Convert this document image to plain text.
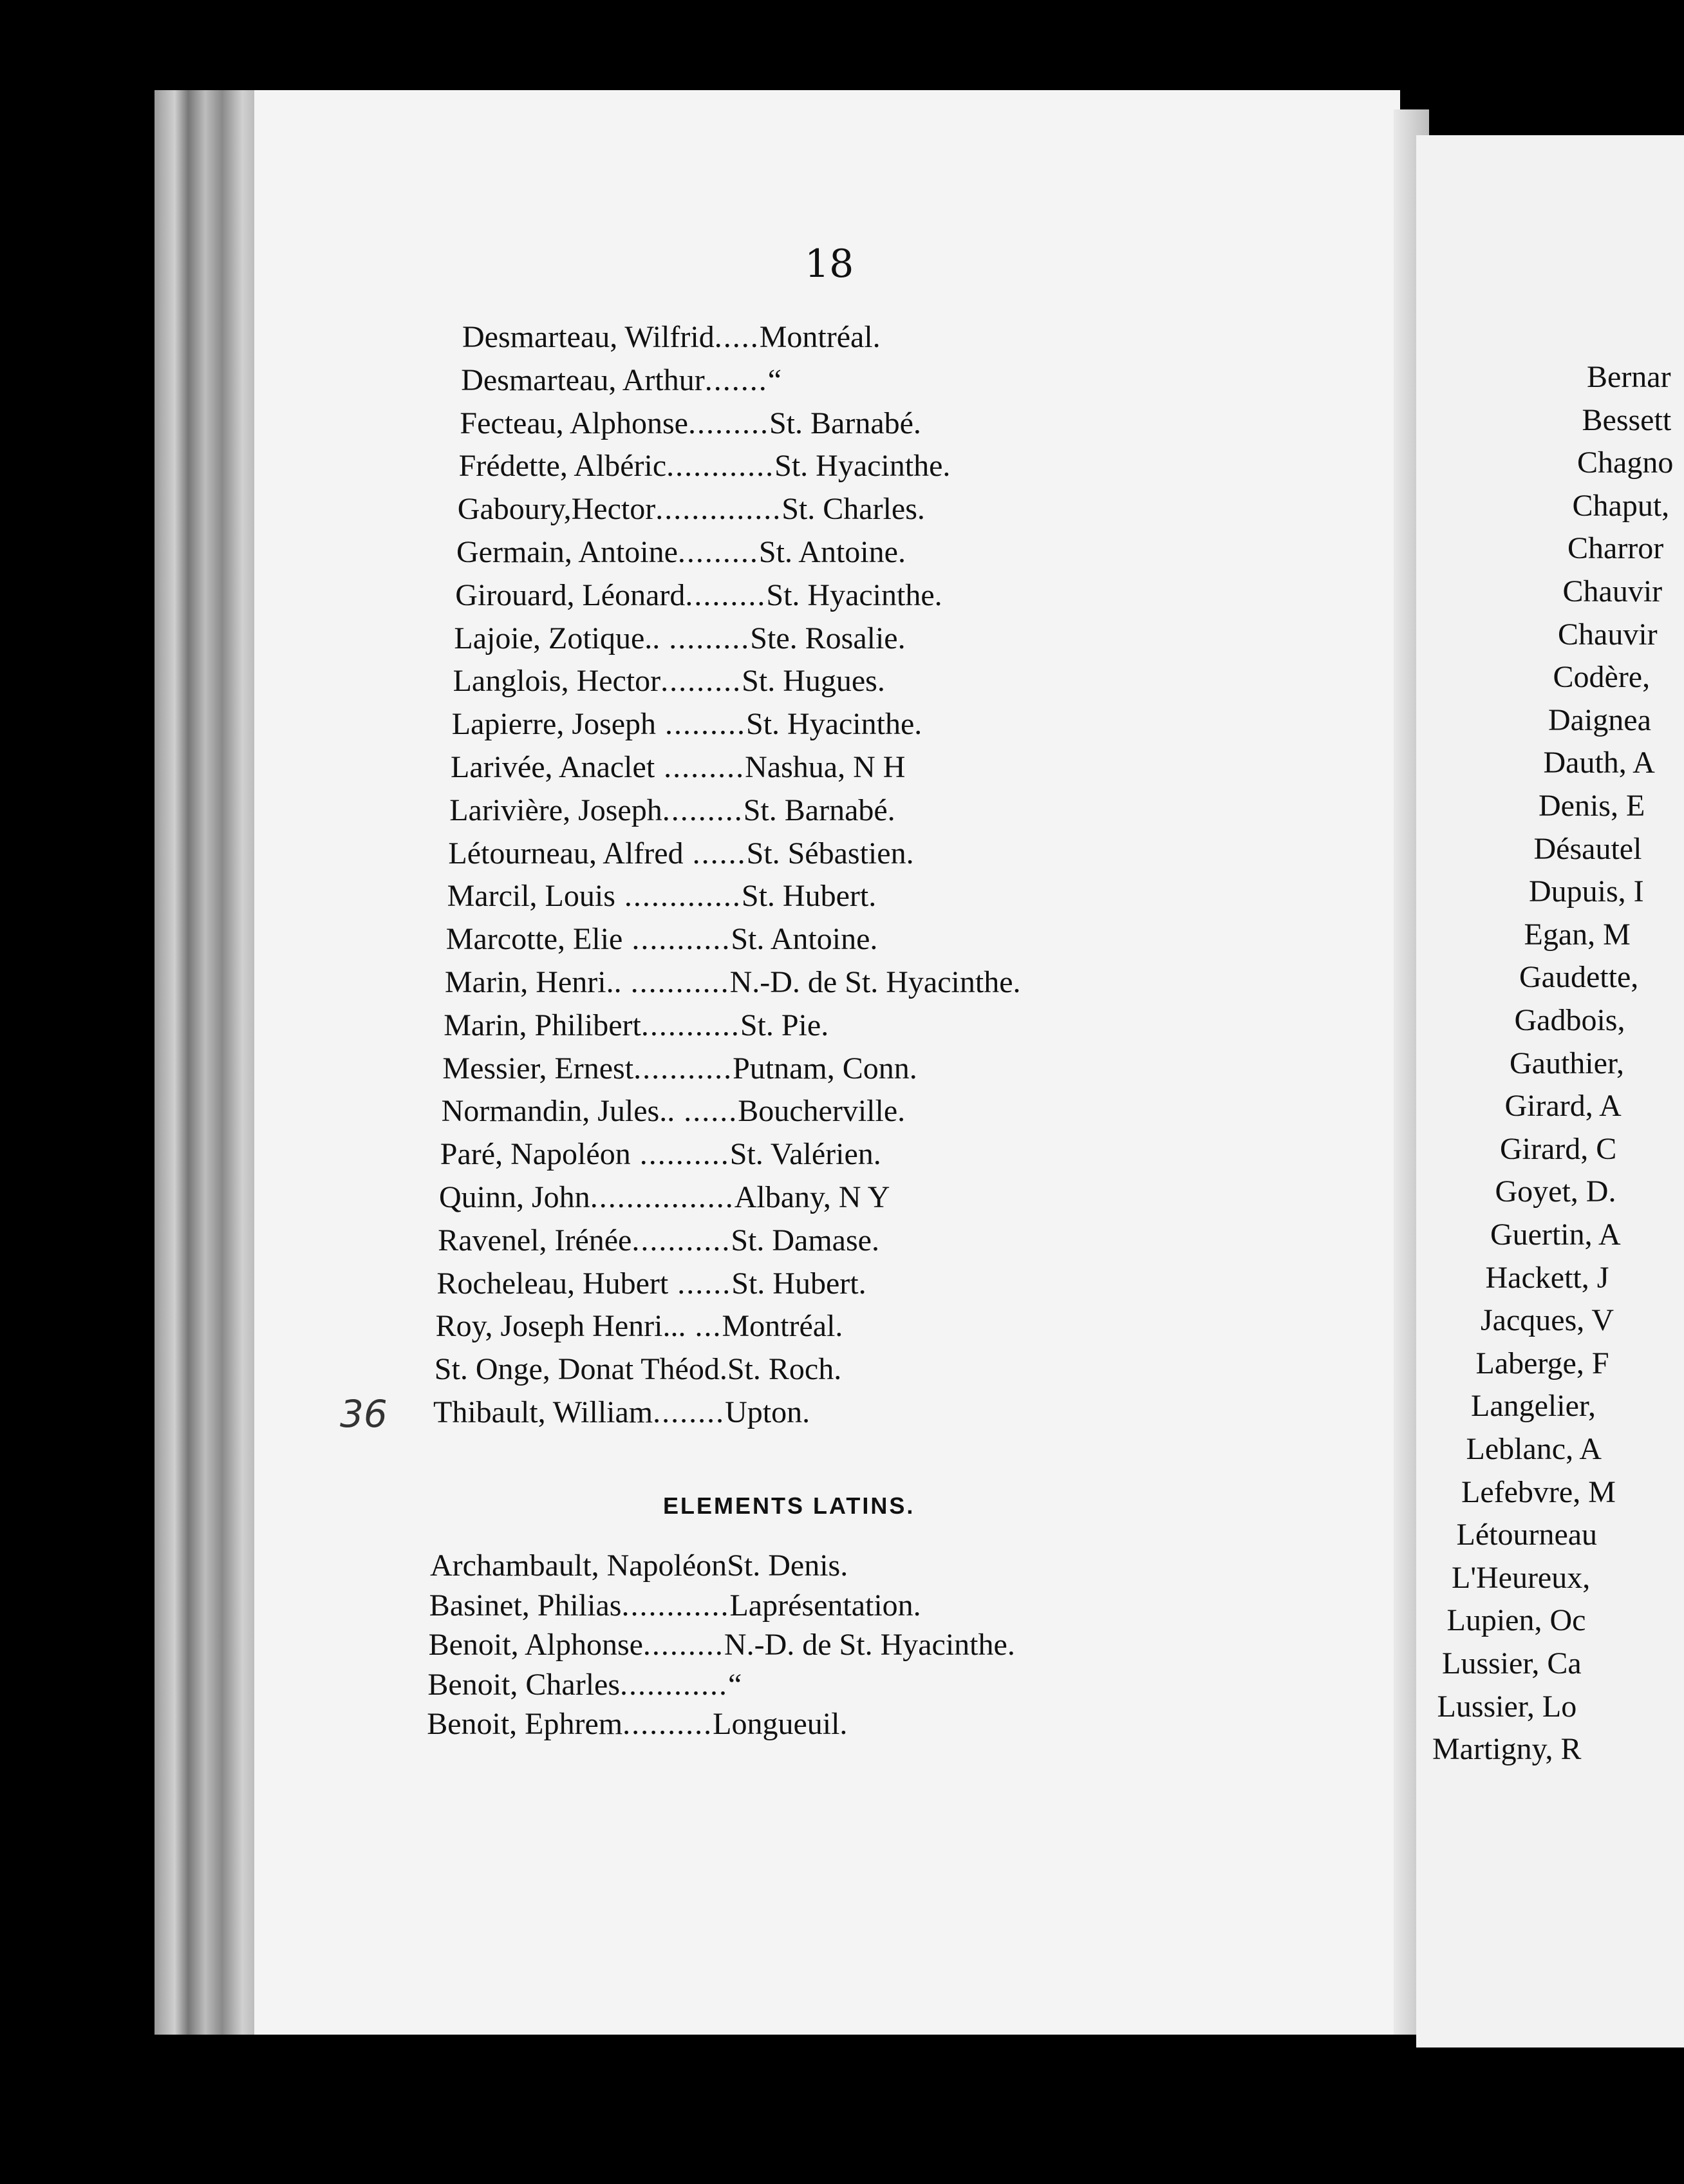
18
36
Desmarteau, Wilfrid.....Montréal.
Desmarteau, Arthur.......“
Fecteau, Alphonse.........St. Barnabé.
Frédette, Albéric............St. Hyacinthe.
Gaboury,Hector..............St. Charles.
Germain, Antoine.........St. Antoine.
Girouard, Léonard.........St. Hyacinthe.
Lajoie, Zotique.. .........Ste. Rosalie.
Langlois, Hector.........St. Hugues.
Lapierre, Joseph .........St. Hyacinthe.
Larivée, Anaclet .........Nashua, N H
Larivière, Joseph.........St. Barnabé.
Létourneau, Alfred ......St. Sébastien.
Marcil, Louis .............St. Hubert.
Marcotte, Elie ...........St. Antoine.
Marin, Henri.. ...........N.-D. de St. Hyacinthe.
Marin, Philibert...........St. Pie.
Messier, Ernest...........Putnam, Conn.
Normandin, Jules.. ......Boucherville.
Paré, Napoléon ..........St. Valérien.
Quinn, John................Albany, N Y
Ravenel, Irénée...........St. Damase.
Rocheleau, Hubert ......St. Hubert.
Roy, Joseph Henri... ...Montréal.
St. Onge, Donat Théod.St. Roch.
Thibault, William........Upton.
ELEMENTS LATINS.
Archambault, NapoléonSt. Denis.
Basinet, Philias............Laprésentation.
Benoit, Alphonse.........N.-D. de St. Hyacinthe.
Benoit, Charles............“
Benoit, Ephrem..........Longueuil.
Bernar
Bessett
Chagno
Chaput,
Charror
Chauvir
Chauvir
Codère,
Daignea
Dauth, A
Denis, E
Désautel
Dupuis, I
Egan, M
Gaudette,
Gadbois,
Gauthier,
Girard, A
Girard, C
Goyet, D.
Guertin, A
Hackett, J
Jacques, V
Laberge, F
Langelier,
Leblanc, A
Lefebvre, M
Létourneau
L'Heureux,
Lupien, Oc
Lussier, Ca
Lussier, Lo
Martigny, R
